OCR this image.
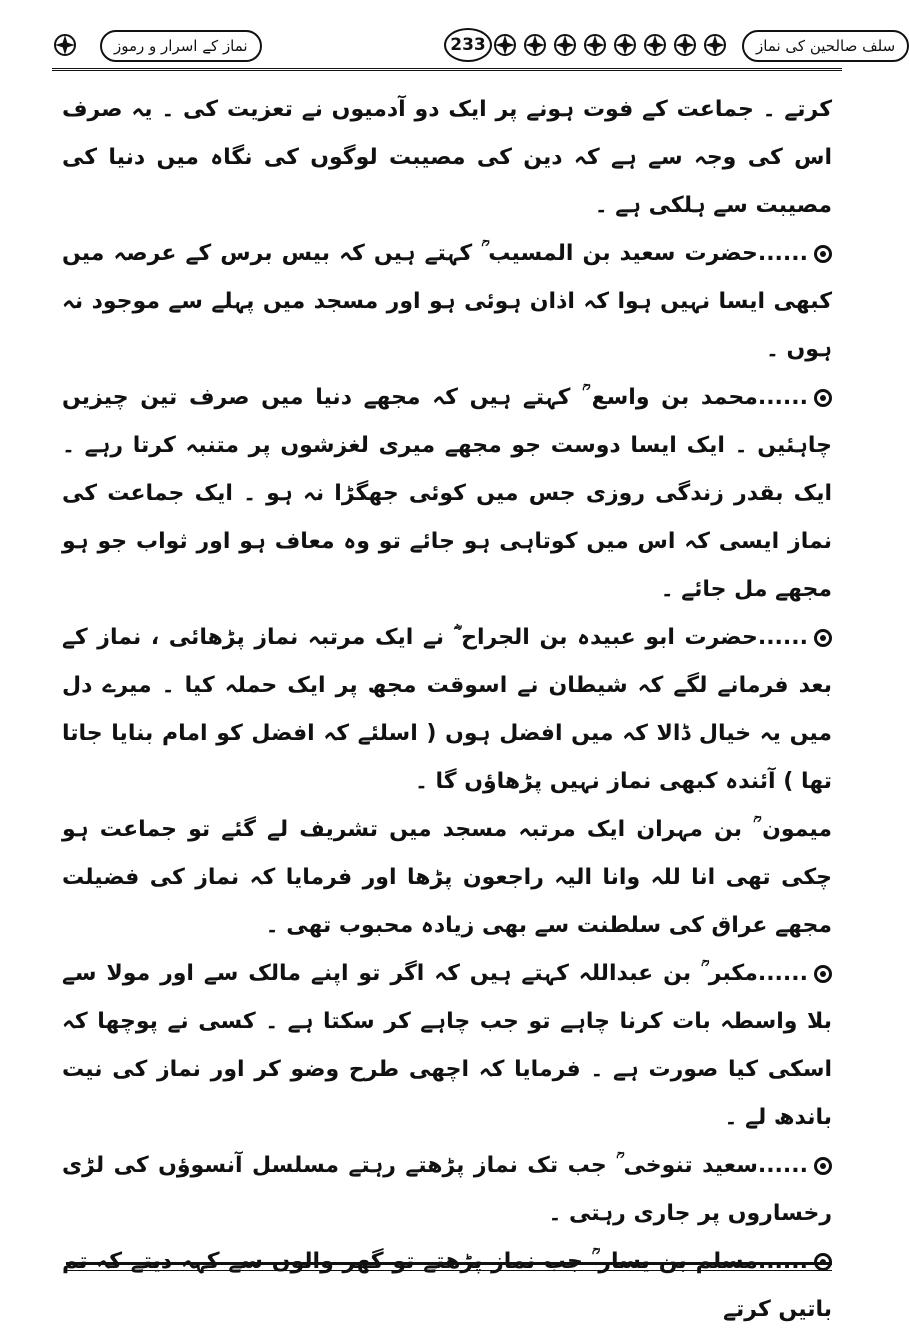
نماز کے اسرار و رموز	233	سلف صالحین کی نماز

کرتے ۔ جماعت کے فوت ہونے پر ایک دو آدمیوں نے تعزیت کی ۔ یہ صرف اس کی وجہ سے ہے کہ دین کی مصیبت لوگوں کی نگاہ میں دنیا کی مصیبت سے ہلکی ہے ۔

......حضرت سعید بن المسیب ؒ کہتے ہیں کہ بیس برس کے عرصہ میں کبھی ایسا نہیں ہوا کہ اذان ہوئی ہو اور مسجد میں پہلے سے موجود نہ ہوں ۔

......محمد بن واسع ؒ کہتے ہیں کہ مجھے دنیا میں صرف تین چیزیں چاہئیں ۔ ایک ایسا دوست جو مجھے میری لغزشوں پر متنبہ کرتا رہے ۔ ایک بقدر زندگی روزی جس میں کوئی جھگڑا نہ ہو ۔ ایک جماعت کی نماز ایسی کہ اس میں کوتاہی ہو جائے تو وہ معاف ہو اور ثواب جو ہو مجھے مل جائے ۔

......حضرت ابو عبیدہ بن الجراح ؓ نے ایک مرتبہ نماز پڑھائی ، نماز کے بعد فرمانے لگے کہ شیطان نے اسوقت مجھ پر ایک حملہ کیا ۔ میرے دل میں یہ خیال ڈالا کہ میں افضل ہوں ( اسلئے کہ افضل کو امام بنایا جاتا تھا ) آئندہ کبھی نماز نہیں پڑھاؤں گا ۔

میمون ؒ بن مہران ایک مرتبہ مسجد میں تشریف لے گئے تو جماعت ہو چکی تھی انا للہ وانا الیہ راجعون پڑھا اور فرمایا کہ نماز کی فضیلت مجھے عراق کی سلطنت سے بھی زیادہ محبوب تھی ۔

......مکبر ؒ بن عبداللہ کہتے ہیں کہ اگر تو اپنے مالک سے اور مولا سے بلا واسطہ بات کرنا چاہے تو جب چاہے کر سکتا ہے ۔ کسی نے پوچھا کہ اسکی کیا صورت ہے ۔ فرمایا کہ اچھی طرح وضو کر اور نماز کی نیت باندھ لے ۔

......سعید تنوخی ؒ جب تک نماز پڑھتے رہتے مسلسل آنسوؤں کی لڑی رخساروں پر جاری رہتی ۔

......مسلم بن یسار ؒ جب نماز پڑھتے تو گھر والوں سے کہہ دیتے کہ تم باتیں کرتے
